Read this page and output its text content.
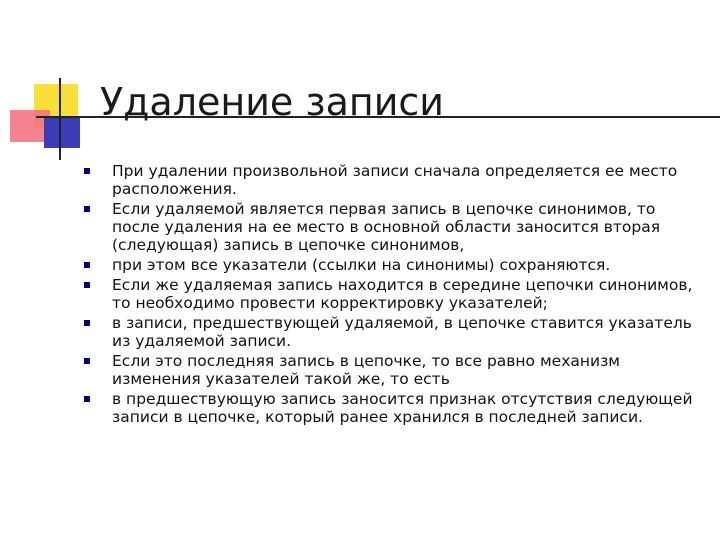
Удаление записи
При удалении произвольной записи сначала определяется ее место расположения.
Если удаляемой является первая запись в цепочке синонимов, то после удаления на ее место в основной области заносится вторая (следующая) запись в цепочке синонимов,
при этом все указатели (ссылки на синонимы) сохраняются.
Если же удаляемая запись находится в середине цепочки синонимов, то необходимо провести корректировку указателей;
в записи, предшествующей удаляемой, в цепочке ставится указатель из удаляемой записи.
Если это последняя запись в цепочке, то все равно механизм изменения указателей такой же, то есть
в предшествующую запись заносится признак отсутствия следующей записи в цепочке, который ранее хранился в последней записи.
